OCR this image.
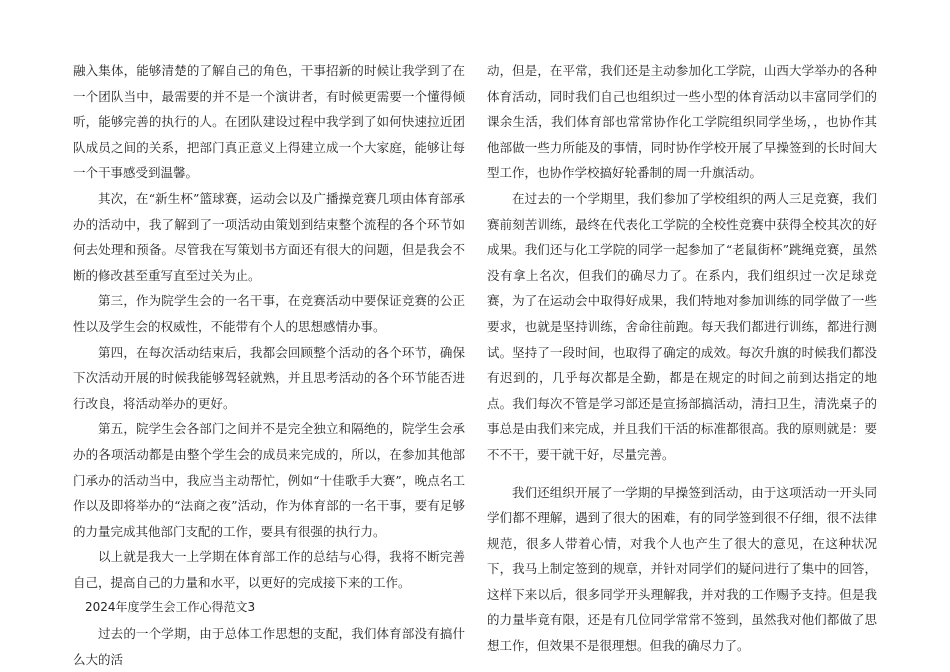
融入集体，能够清楚的了解自己的角色，干事招新的时候让我学到了在一个团队当中，最需要的并不是一个演讲者，有时候更需要一个懂得倾听，能够完善的执行的人。在团队建设过程中我学到了如何快速拉近团队成员之间的关系，把部门真正意义上得建立成一个大家庭，能够让每一个干事感受到温馨。

其次，在“新生杯”篮球赛，运动会以及广播操竞赛几项由体育部承办的活动中，我了解到了一项活动由策划到结束整个流程的各个环节如何去处理和预备。尽管我在写策划书方面还有很大的问题，但是我会不断的修改甚至重写直至过关为止。

第三，作为院学生会的一名干事，在竞赛活动中要保证竞赛的公正性以及学生会的权威性，不能带有个人的思想感情办事。

第四，在每次活动结束后，我都会回顾整个活动的各个环节，确保下次活动开展的时候我能够驾轻就熟，并且思考活动的各个环节能否进行改良，将活动举办的更好。

第五，院学生会各部门之间并不是完全独立和隔绝的，院学生会承办的各项活动都是由整个学生会的成员来完成的，所以，在参加其他部门承办的活动当中，我应当主动帮忙，例如“十佳歌手大赛”，晚点名工作以及即将举办的“法商之夜”活动，作为体育部的一名干事，要有足够的力量完成其他部门支配的工作，要具有很强的执行力。

以上就是我大一上学期在体育部工作的总结与心得，我将不断完善自己，提高自己的力量和水平，以更好的完成接下来的工作。

2024年度学生会工作心得范文3

过去的一个学期，由于总体工作思想的支配，我们体育部没有搞什么大的活

动，但是，在平常，我们还是主动参加化工学院，山西大学举办的各种体育活动，同时我们自己也组织过一些小型的体育活动以丰富同学们的课余生活，我们体育部也常常协作化工学院组织同学坐场，，也协作其他部做一些力所能及的事情，同时协作学校开展了早操签到的长时间大型工作，也协作学校搞好轮番制的周一升旗活动。

在过去的一个学期里，我们参加了学校组织的两人三足竞赛，我们赛前刻苦训练，最终在代表化工学院的全校性竞赛中获得全校其次的好成果。我们还与化工学院的同学一起参加了“老鼠街杯”跳绳竞赛，虽然没有拿上名次，但我们的确尽力了。在系内，我们组织过一次足球竞赛，为了在运动会中取得好成果，我们特地对参加训练的同学做了一些要求，也就是坚持训练，舍命往前跑。每天我们都进行训练，都进行测试。坚持了一段时间，也取得了确定的成效。每次升旗的时候我们都没有迟到的，几乎每次都是全勤，都是在规定的时间之前到达指定的地点。我们每次不管是学习部还是宣扬部搞活动，清扫卫生，清洗桌子的事总是由我们来完成，并且我们干活的标准都很高。我的原则就是：要不不干，要干就干好，尽量完善。

我们还组织开展了一学期的早操签到活动，由于这项活动一开头同学们都不理解，遇到了很大的困难，有的同学签到很不仔细，很不法律规范，很多人带着心情，对我个人也产生了很大的意见，在这种状况下，我马上制定签到的规章，并针对同学们的疑问进行了集中的回答，这样下来以后，很多同学开头理解我，并对我的工作赐予支持。但是我的力量毕竟有限，还是有几位同学常常不签到，虽然我对他们都做了思想工作，但效果不是很理想。但我的确尽力了。
